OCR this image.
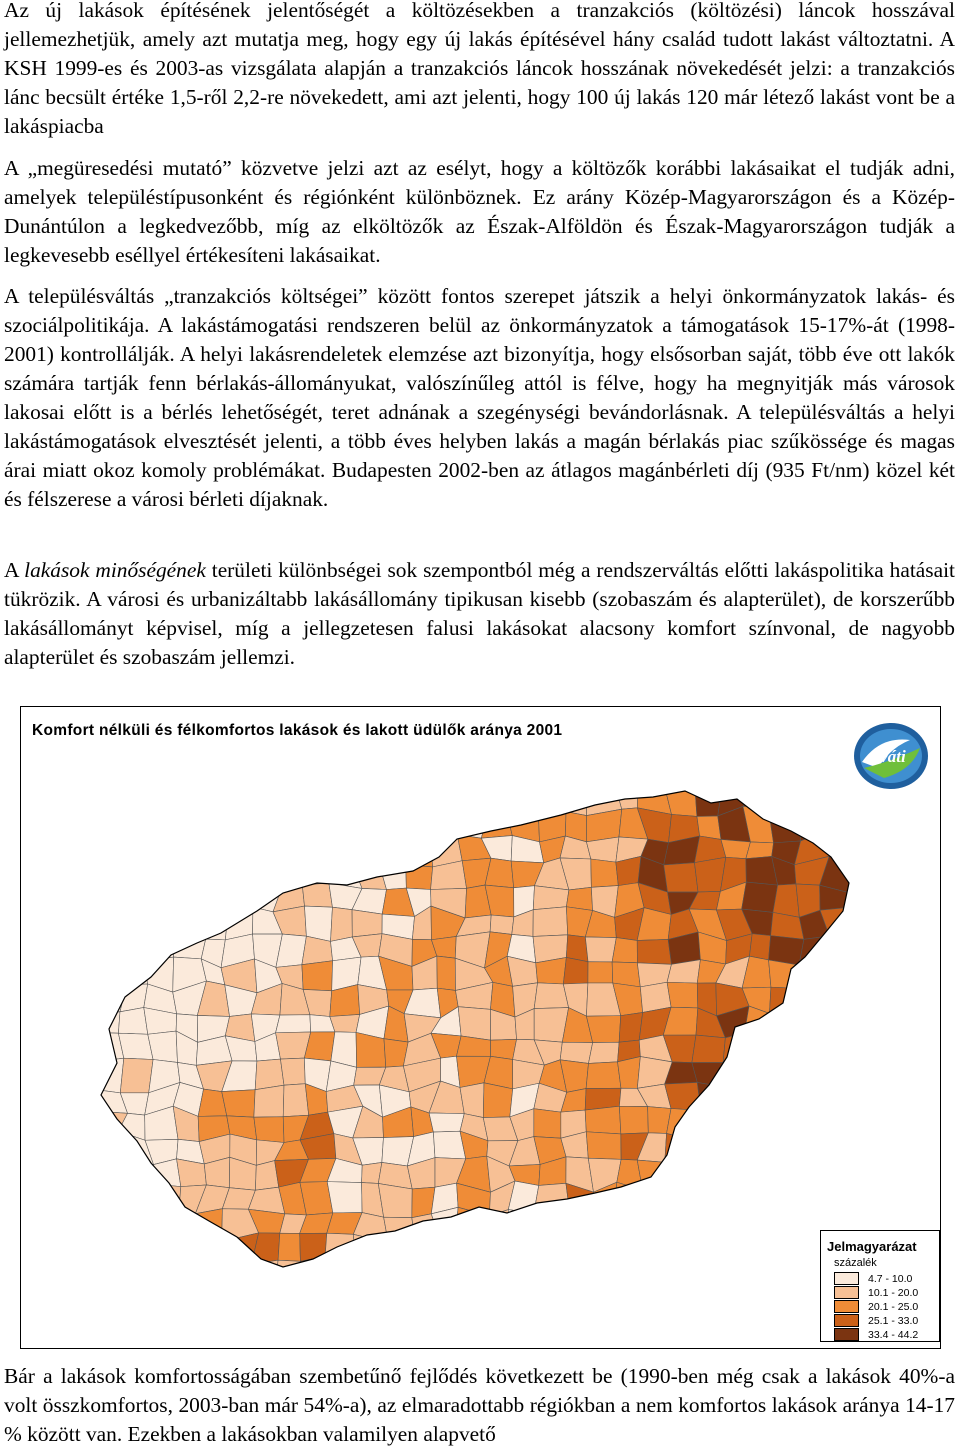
Az új lakások építésének jelentőségét a költözésekben a tranzakciós (költözési) láncok hosszával jellemezhetjük, amely azt mutatja meg, hogy egy új lakás építésével hány család tudott lakást változtatni. A KSH 1999-es és 2003-as vizsgálata alapján a tranzakciós láncok hosszának növekedését jelzi: a tranzakciós lánc becsült értéke 1,5-ről 2,2-re növekedett, ami azt jelenti, hogy 100 új lakás 120 már létező lakást vont be a lakáspiacba

A „megüresedési mutató” közvetve jelzi azt az esélyt, hogy a költözők korábbi lakásaikat el tudják adni, amelyek településtípusonként és régiónként különböznek. Ez arány Közép-Magyarországon és a Közép-Dunántúlon a legkedvezőbb, míg az elköltözők az Észak-Alföldön és Észak-Magyarországon tudják a legkevesebb eséllyel értékesíteni lakásaikat.

A településváltás „tranzakciós költségei” között fontos szerepet játszik a helyi önkormányzatok lakás- és szociálpolitikája. A lakástámogatási rendszeren belül az önkormányzatok a támogatások 15-17%-át (1998-2001) kontrollálják. A helyi lakásrendeletek elemzése azt bizonyítja, hogy elsősorban saját, több éve ott lakók számára tartják fenn bérlakás-állományukat, valószínűleg attól is félve, hogy ha megnyitják más városok lakosai előtt is a bérlés lehetőségét, teret adnának a szegénységi bevándorlásnak. A településváltás a helyi lakástámogatások elvesztését jelenti, a több éves helyben lakás a magán bérlakás piac szűkössége és magas árai miatt okoz komoly problémákat. Budapesten 2002-ben az átlagos magánbérleti díj (935 Ft/nm) közel két és félszerese a városi bérleti díjaknak.

A lakások minőségének területi különbségei sok szempontból még a rendszerváltás előtti lakáspolitika hatásait tükrözik. A városi és urbanizáltabb lakásállomány tipikusan kisebb (szobaszám és alapterület), de korszerűbb lakásállományt képvisel, míg a jellegzetesen falusi lakásokat alacsony komfort színvonal, de nagyobb alapterület és szobaszám jellemzi.

Komfort nélküli és félkomfortos lakások és lakott üdülők aránya 2001

váti

Jelmagyarázat

százalék
4.7 - 10.0
10.1 - 20.0
20.1 - 25.0
25.1 - 33.0
33.4 - 44.2

Bár a lakások komfortosságában szembetűnő fejlődés következett be (1990-ben még csak a lakások 40%-a volt összkomfortos, 2003-ban már 54%-a), az elmaradottabb régiókban a nem komfortos lakások aránya 14-17 % között van. Ezekben a lakásokban valamilyen alapvető
